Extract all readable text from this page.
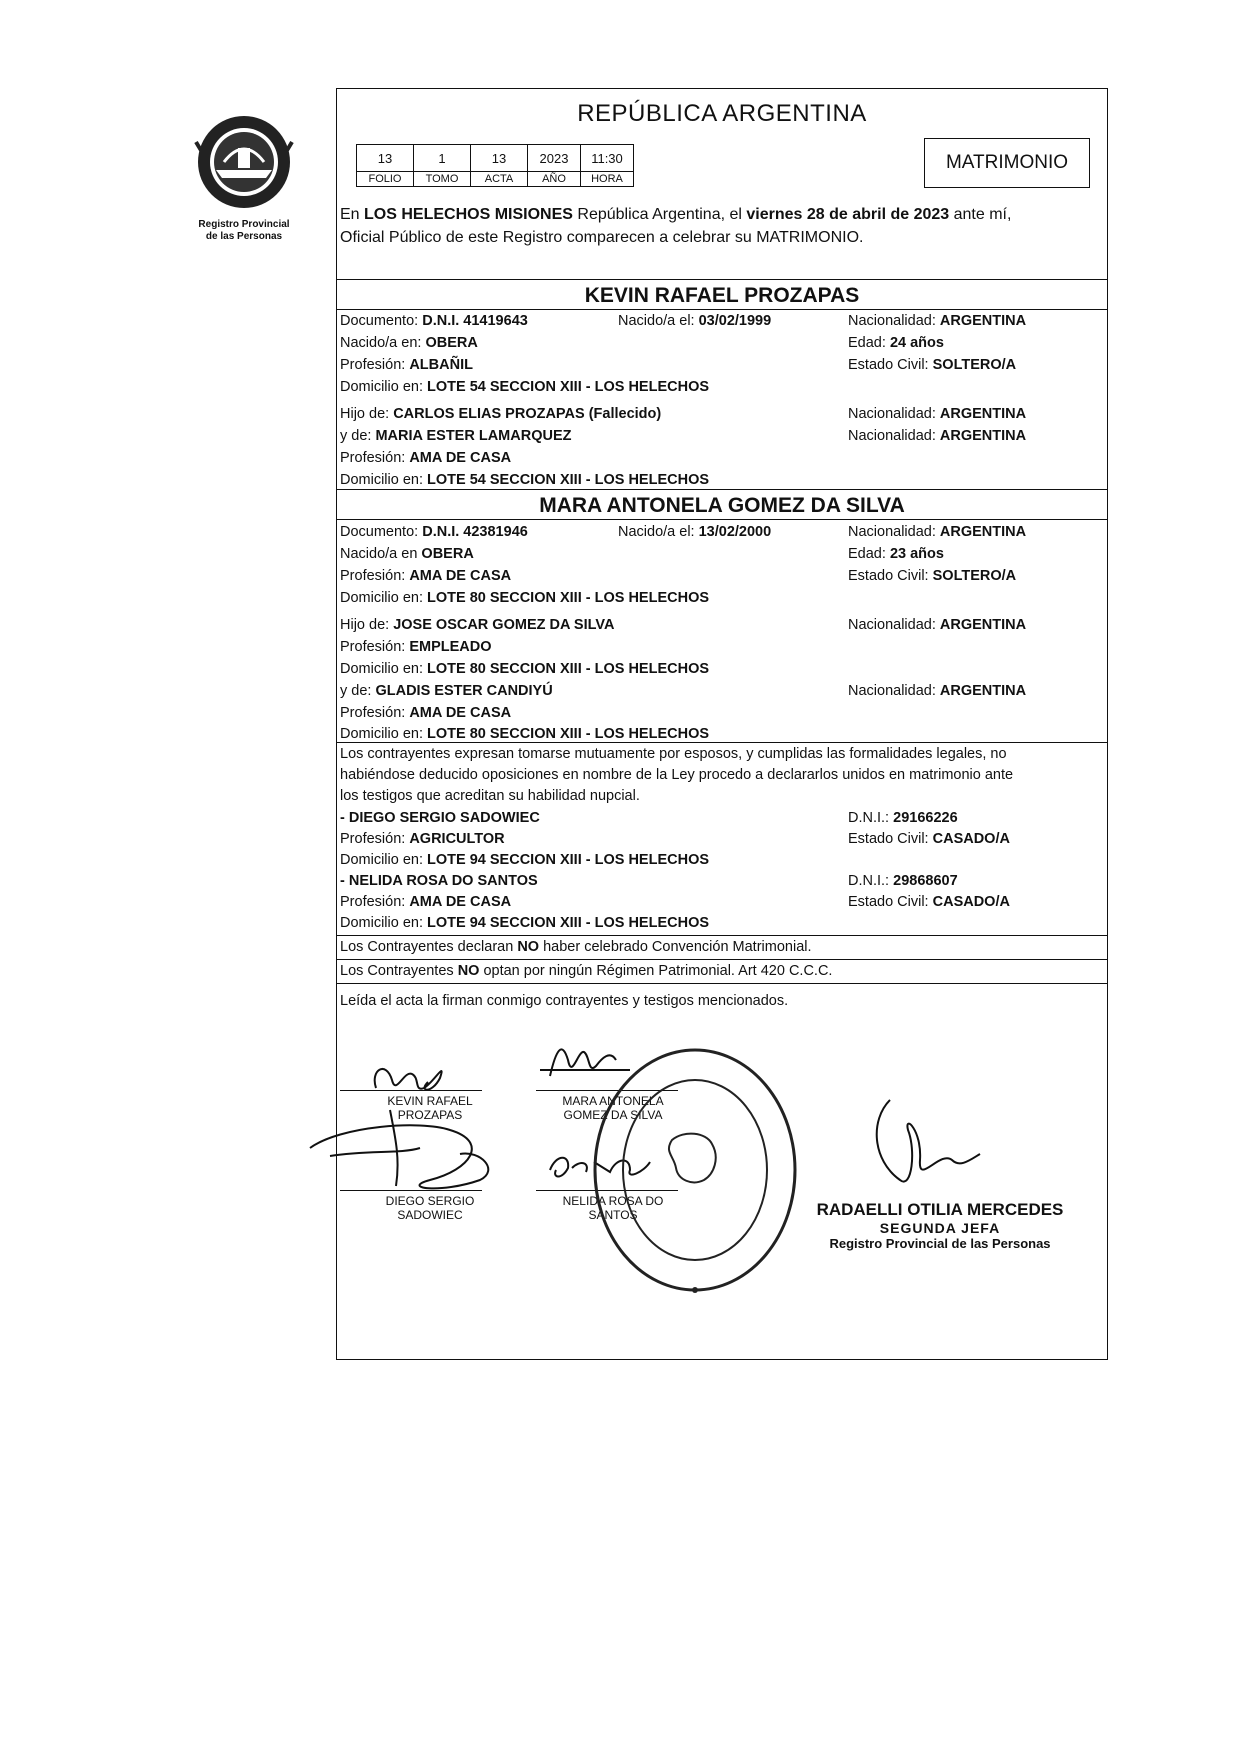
Registro Provincial
de las Personas
REPÚBLICA ARGENTINA
13	1	13	2023	11:30
FOLIO	TOMO	ACTA	AÑO	HORA
MATRIMONIO
En LOS HELECHOS MISIONES República Argentina, el viernes 28 de abril de 2023 ante mí,
Oficial Público de este Registro comparecen a celebrar su MATRIMONIO.
KEVIN RAFAEL PROZAPAS
Documento: D.N.I. 41419643	Nacido/a el: 03/02/1999	Nacionalidad: ARGENTINA
Nacido/a en: OBERA	Edad: 24 años
Profesión: ALBAÑIL	Estado Civil: SOLTERO/A
Domicilio en: LOTE 54 SECCION XIII - LOS HELECHOS
Hijo de: CARLOS ELIAS PROZAPAS (Fallecido)	Nacionalidad: ARGENTINA
y de: MARIA ESTER LAMARQUEZ	Nacionalidad: ARGENTINA
Profesión: AMA DE CASA
Domicilio en: LOTE 54 SECCION XIII - LOS HELECHOS
MARA ANTONELA GOMEZ DA SILVA
Documento: D.N.I. 42381946	Nacido/a el: 13/02/2000	Nacionalidad: ARGENTINA
Nacido/a en OBERA	Edad: 23 años
Profesión: AMA DE CASA	Estado Civil: SOLTERO/A
Domicilio en: LOTE 80 SECCION XIII - LOS HELECHOS
Hijo de: JOSE OSCAR GOMEZ DA SILVA	Nacionalidad: ARGENTINA
Profesión: EMPLEADO
Domicilio en: LOTE 80 SECCION XIII - LOS HELECHOS
y de: GLADIS ESTER CANDIYÚ	Nacionalidad: ARGENTINA
Profesión: AMA DE CASA
Domicilio en: LOTE 80 SECCION XIII - LOS HELECHOS
Los contrayentes expresan tomarse mutuamente por esposos, y cumplidas las formalidades legales, no
habiéndose deducido oposiciones en nombre de la Ley procedo a declararlos unidos en matrimonio ante
los testigos que acreditan su habilidad nupcial.
- DIEGO SERGIO SADOWIEC	D.N.I.: 29166226
Profesión: AGRICULTOR	Estado Civil: CASADO/A
Domicilio en: LOTE 94 SECCION XIII - LOS HELECHOS
- NELIDA ROSA DO SANTOS	D.N.I.: 29868607
Profesión: AMA DE CASA	Estado Civil: CASADO/A
Domicilio en: LOTE 94 SECCION XIII - LOS HELECHOS
Los Contrayentes declaran NO haber celebrado Convención Matrimonial.
Los Contrayentes NO optan por ningún Régimen Patrimonial. Art 420 C.C.C.
Leída el acta la firman conmigo contrayentes y testigos mencionados.
KEVIN RAFAEL
PROZAPAS
MARA ANTONELA
GOMEZ DA SILVA
DIEGO SERGIO
SADOWIEC
NELIDA ROSA DO
SANTOS	RADAELLI OTILIA MERCEDES
SEGUNDA JEFA
Registro Provincial de las Personas
